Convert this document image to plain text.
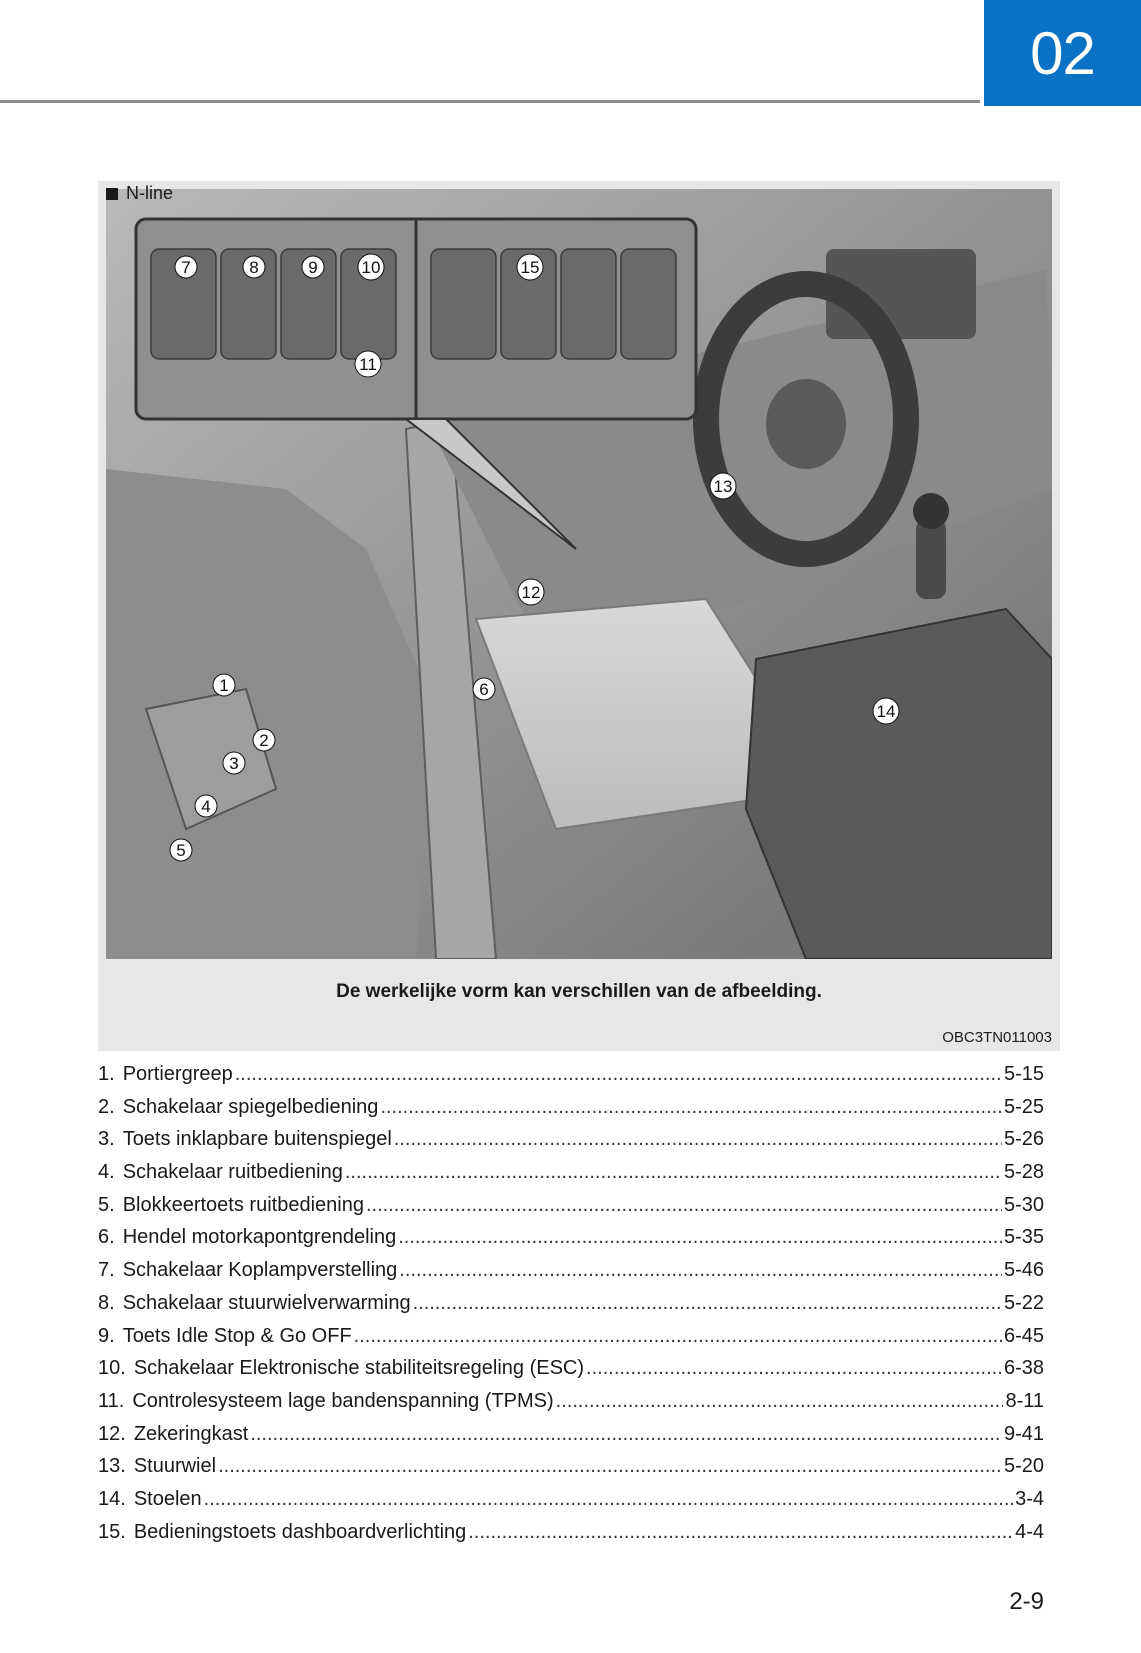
02
1
2
3
4
5
6
7	8	9	10
11
12
13
14
15
N-line
De werkelijke vorm kan verschillen van de afbeelding.
OBC3TN011003
1. Portiergreep .....	5-15
2. Schakelaar spiegelbediening .....	5-25
3. Toets inklapbare buitenspiegel .....	5-26
4. Schakelaar ruitbediening .....	5-28
5. Blokkeertoets ruitbediening .....	5-30
6. Hendel motorkapontgrendeling .....	5-35
7. Schakelaar Koplampverstelling .....	5-46
8. Schakelaar stuurwielverwarming .....	5-22
9. Toets Idle Stop & Go OFF .....	6-45
10. Schakelaar Elektronische stabiliteitsregeling (ESC) .....	6-38
11. Controlesysteem lage bandenspanning (TPMS) .....	8-11
12. Zekeringkast .....	9-41
13. Stuurwiel .....	5-20
14. Stoelen .....	3-4
15. Bedieningstoets dashboardverlichting .....	4-4
2-9
